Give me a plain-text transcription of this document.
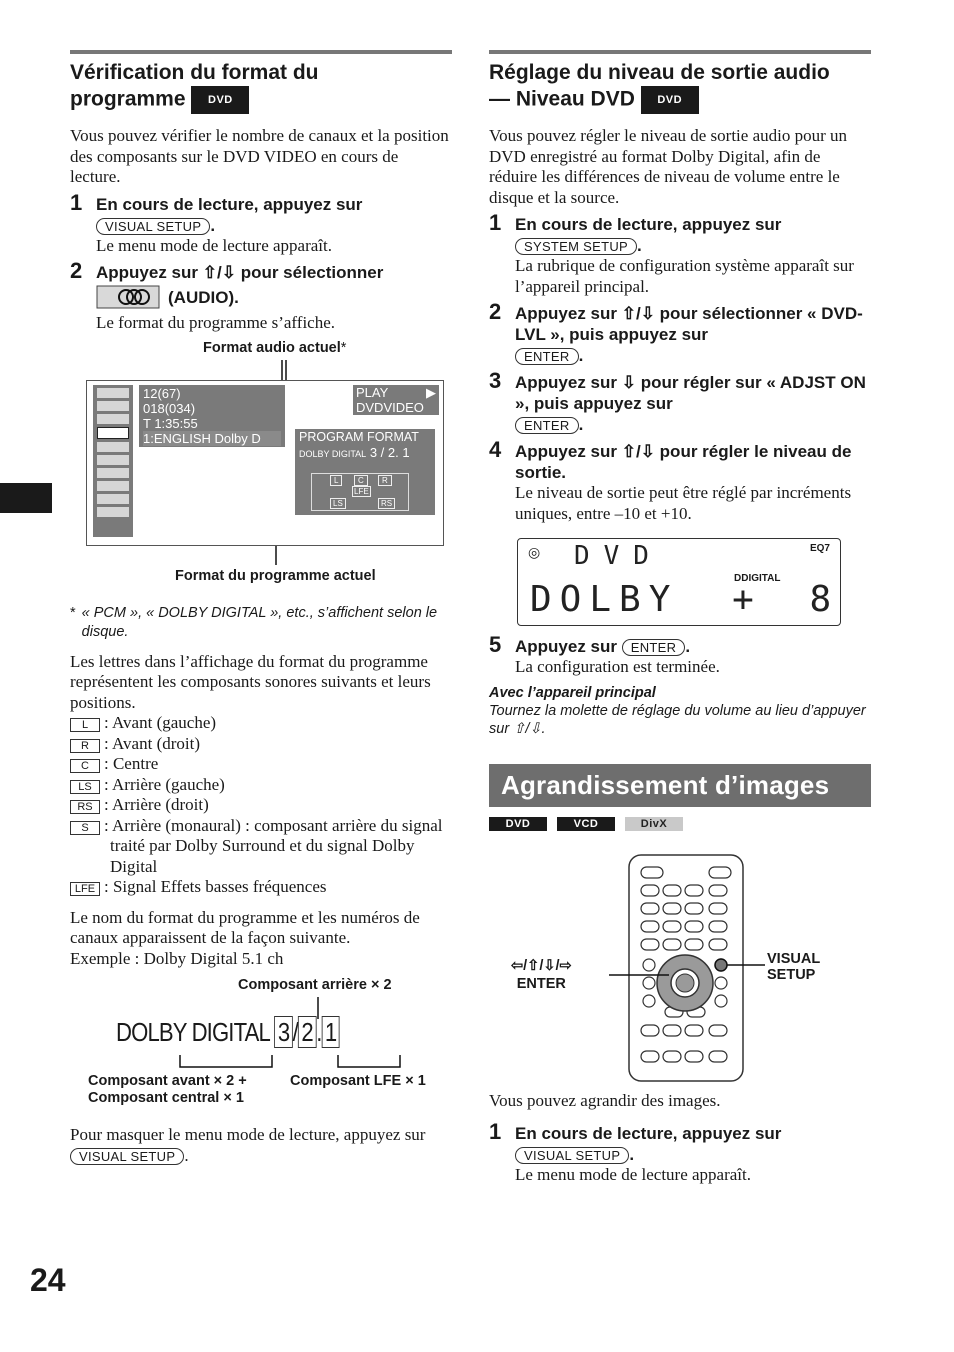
Vérification du format du
programme DVD

Vous pouvez vérifier le nombre de canaux et la position des composants sur le DVD VIDEO en cours de lecture.

1 En cours de lecture, appuyez sur
VISUAL SETUP .
Le menu mode de lecture apparaît.
2 Appuyez sur ⇧/⇩ pour sélectionner
(AUDIO).
Le format du programme s’affiche.
Format audio actuel*
12(67)
018(034)
T 1:35:55
1:ENGLISH Dolby D
PLAY	▶
DVDVIDEO
PROGRAM FORMAT
DOLBY DIGITAL 3 / 2. 1
L	C	R
LFE
LS	RS
Format du programme actuel
* « PCM », « DOLBY DIGITAL », etc., s’affichent selon le disque.

Les lettres dans l’affichage du format du programme représentent les composants sonores suivants et leurs positions.

L : Avant (gauche)
R : Avant (droit)
C : Centre
LS : Arrière (gauche)
RS : Arrière (droit)
S : Arrière (monaural) : composant arrière du signal traité par Dolby Surround et du signal Dolby Digital
LFE : Signal Effets basses fréquences

Le nom du format du programme et les numéros de canaux apparaissent de la façon suivante.

Exemple : Dolby Digital 5.1 ch

Composant arrière × 2
DOLBY DIGITAL 3 / 2 . 1
Composant avant × 2 +
Composant central × 1
Composant LFE × 1

Pour masquer le menu mode de lecture, appuyez sur VISUAL SETUP .

Réglage du niveau de sortie audio
— Niveau DVD DVD

Vous pouvez régler le niveau de sortie audio pour un DVD enregistré au format Dolby Digital, afin de réduire les différences de niveau de volume entre le disque et la source.

1 En cours de lecture, appuyez sur
SYSTEM SETUP .
La rubrique de configuration système apparaît sur l’appareil principal.
2 Appuyez sur ⇧/⇩ pour sélectionner « DVD-LVL », puis appuyez sur
ENTER .
3 Appuyez sur ⇩ pour régler sur « ADJST ON », puis appuyez sur
ENTER .
4 Appuyez sur ⇧/⇩ pour régler le niveau de sortie.
Le niveau de sortie peut être réglé par incréments uniques, entre –10 et +10.
◎	EQ7
DVD
DDIGITAL
DOLBY + 8
5 Appuyez sur ENTER .
La configuration est terminée.
Avec l’appareil principal
Tournez la molette de réglage du volume au lieu d’appuyer sur ⇧/⇩.
Agrandissement d’images
DVD	VCD	DivX
⇦/⇧/⇩/⇨
ENTER
VISUAL
SETUP

Vous pouvez agrandir des images.

1 En cours de lecture, appuyez sur
VISUAL SETUP .
Le menu mode de lecture apparaît.
24
